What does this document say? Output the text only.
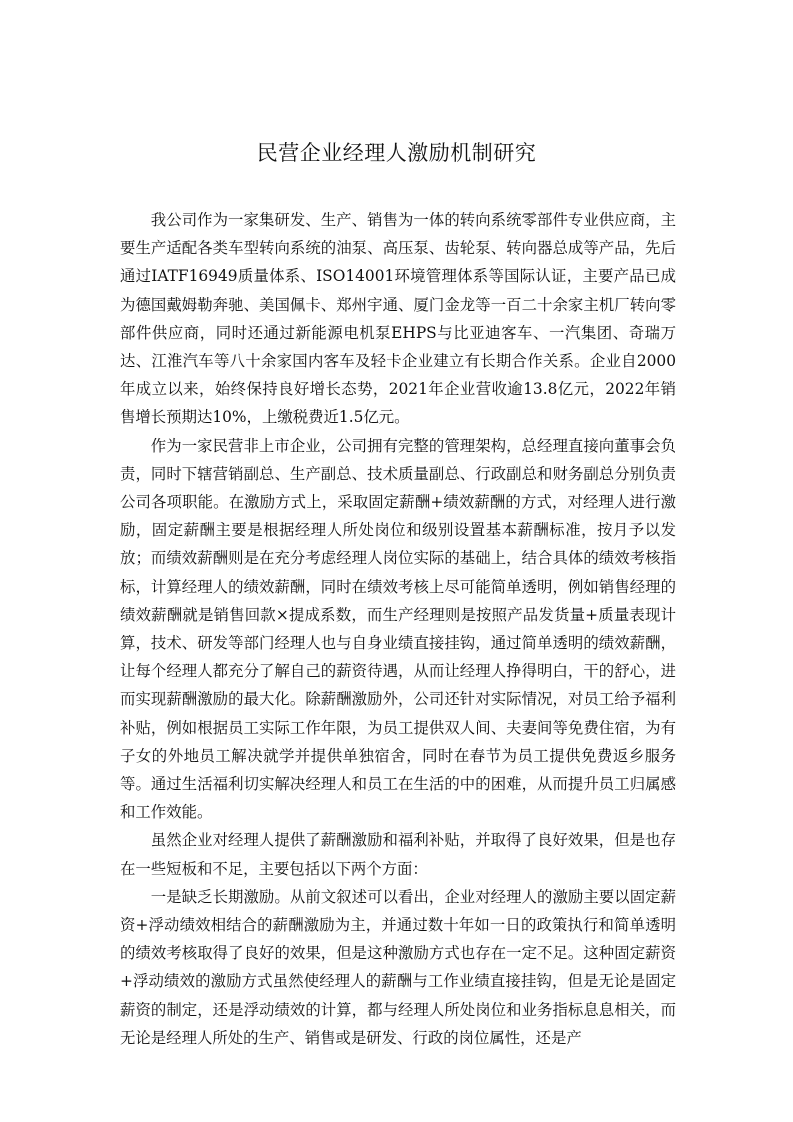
民营企业经理人激励机制研究

我公司作为一家集研发、生产、销售为一体的转向系统零部件专业供应商，主要生产适配各类车型转向系统的油泵、高压泵、齿轮泵、转向器总成等产品，先后通过IATF16949质量体系、ISO14001环境管理体系等国际认证，主要产品已成为德国戴姆勒奔驰、美国佩卡、郑州宇通、厦门金龙等一百二十余家主机厂转向零部件供应商，同时还通过新能源电机泵EHPS与比亚迪客车、一汽集团、奇瑞万达、江淮汽车等八十余家国内客车及轻卡企业建立有长期合作关系。企业自2000年成立以来，始终保持良好增长态势，2021年企业营收逾13.8亿元，2022年销售增长预期达10%，上缴税费近1.5亿元。

作为一家民营非上市企业，公司拥有完整的管理架构，总经理直接向董事会负责，同时下辖营销副总、生产副总、技术质量副总、行政副总和财务副总分别负责公司各项职能。在激励方式上，采取固定薪酬+绩效薪酬的方式，对经理人进行激励，固定薪酬主要是根据经理人所处岗位和级别设置基本薪酬标准，按月予以发放；而绩效薪酬则是在充分考虑经理人岗位实际的基础上，结合具体的绩效考核指标，计算经理人的绩效薪酬，同时在绩效考核上尽可能简单透明，例如销售经理的绩效薪酬就是销售回款×提成系数，而生产经理则是按照产品发货量+质量表现计算，技术、研发等部门经理人也与自身业绩直接挂钩，通过简单透明的绩效薪酬，让每个经理人都充分了解自己的薪资待遇，从而让经理人挣得明白，干的舒心，进而实现薪酬激励的最大化。除薪酬激励外，公司还针对实际情况，对员工给予福利补贴，例如根据员工实际工作年限，为员工提供双人间、夫妻间等免费住宿，为有子女的外地员工解决就学并提供单独宿舍，同时在春节为员工提供免费返乡服务等。通过生活福利切实解决经理人和员工在生活的中的困难，从而提升员工归属感和工作效能。

虽然企业对经理人提供了薪酬激励和福利补贴，并取得了良好效果，但是也存在一些短板和不足，主要包括以下两个方面：

一是缺乏长期激励。从前文叙述可以看出，企业对经理人的激励主要以固定薪资+浮动绩效相结合的薪酬激励为主，并通过数十年如一日的政策执行和简单透明的绩效考核取得了良好的效果，但是这种激励方式也存在一定不足。这种固定薪资+浮动绩效的激励方式虽然使经理人的薪酬与工作业绩直接挂钩，但是无论是固定薪资的制定，还是浮动绩效的计算，都与经理人所处岗位和业务指标息息相关，而无论是经理人所处的生产、销售或是研发、行政的岗位属性，还是产
